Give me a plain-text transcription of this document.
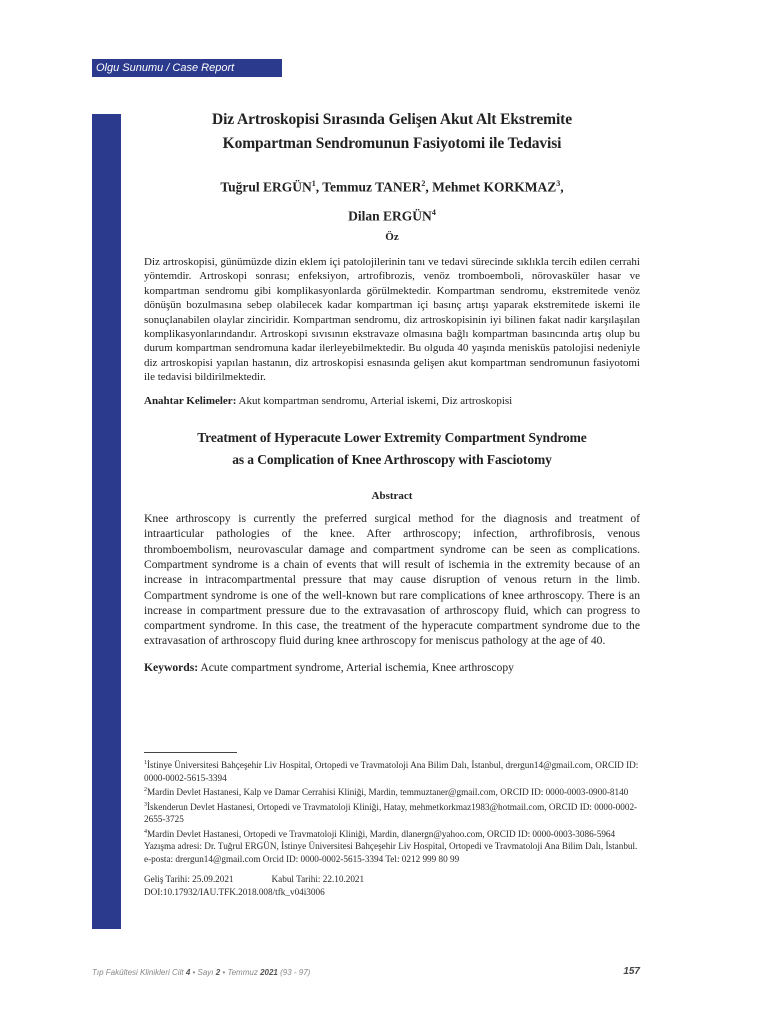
Olgu Sunumu / Case Report
Diz Artroskopisi Sırasında Gelişen Akut Alt Ekstremite
Kompartman Sendromunun Fasiyotomi ile Tedavisi
Tuğrul ERGÜN$^1$, Temmuz TANER$^2$, Mehmet KORKMAZ$^3$,
Dilan ERGÜN$^4$
Öz

Diz artroskopisi, günümüzde dizin eklem içi patolojilerinin tanı ve tedavi sürecinde sıklıkla tercih edilen cerrahi yöntemdir. Artroskopi sonrası; enfeksiyon, artrofibrozis, venöz tromboemboli, nörovasküler hasar ve kompartman sendromu gibi komplikasyonlarda görülmektedir. Kompartman sendromu, ekstremitede venöz dönüşün bozulmasına sebep olabilecek kadar kompartman içi basınç artışı yaparak ekstremitede iskemi ile sonuçlanabilen olaylar zinciridir. Kompartman sendromu, diz artroskopisinin iyi bilinen fakat nadir karşılaşılan komplikasyonlarındandır. Artroskopi sıvısının ekstravaze olmasına bağlı kompartman basıncında artış olup bu durum kompartman sendromuna kadar ilerleyebilmektedir. Bu olguda 40 yaşında menisküs patolojisi nedeniyle diz artroskopisi yapılan hastanın, diz artroskopisi esnasında gelişen akut kompartman sendromunun fasiyotomi ile tedavisi bildirilmektedir.

Anahtar Kelimeler: Akut kompartman sendromu, Arterial iskemi, Diz artroskopisi

Treatment of Hyperacute Lower Extremity Compartment Syndrome
as a Complication of Knee Arthroscopy with Fasciotomy
Abstract

Knee arthroscopy is currently the preferred surgical method for the diagnosis and treatment of intraarticular pathologies of the knee. After arthroscopy; infection, arthrofibrosis, venous thromboembolism, neurovascular damage and compartment syndrome can be seen as complications. Compartment syndrome is a chain of events that will result of ischemia in the extremity because of an increase in intracompartmental pressure that may cause disruption of venous return in the limb. Compartment syndrome is one of the well-known but rare complications of knee arthroscopy. There is an increase in compartment pressure due to the extravasation of arthroscopy fluid, which can progress to compartment syndrome. In this case, the treatment of the hyperacute compartment syndrome due to the extravasation of arthroscopy fluid during knee arthroscopy for meniscus pathology at the age of 40.

Keywords: Acute compartment syndrome, Arterial ischemia, Knee arthroscopy

$^1$İstinye Üniversitesi Bahçeşehir Liv Hospital, Ortopedi ve Travmatoloji Ana Bilim Dalı, İstanbul, drergun14@gmail.com, ORCID ID: 0000-0002-5615-3394

$^2$Mardin Devlet Hastanesi, Kalp ve Damar Cerrahisi Kliniği, Mardin, temmuztaner@gmail.com, ORCID ID: 0000-0003-0900-8140

$^3$İskenderun Devlet Hastanesi, Ortopedi ve Travmatoloji Kliniği, Hatay, mehmetkorkmaz1983@hotmail.com, ORCID ID: 0000-0002-2655-3725

$^4$Mardin Devlet Hastanesi, Ortopedi ve Travmatoloji Kliniği, Mardin, dlanergn@yahoo.com, ORCID ID: 0000-0003-3086-5964

Yazışma adresi: Dr. Tuğrul ERGÜN, İstinye Üniversitesi Bahçeşehir Liv Hospital, Ortopedi ve Travmatoloji Ana Bilim Dalı, İstanbul. e-posta: drergun14@gmail.com Orcid ID: 0000-0002-5615-3394 Tel: 0212 999 80 99

Geliş Tarihi: 25.09.2021	Kabul Tarihi: 22.10.2021

DOI:10.17932/IAU.TFK.2018.008/tfk_v04i3006

Tıp Fakültesi Klinikleri Cilt 4 • Sayı 2 • Temmuz 2021 (93 - 97)	157
